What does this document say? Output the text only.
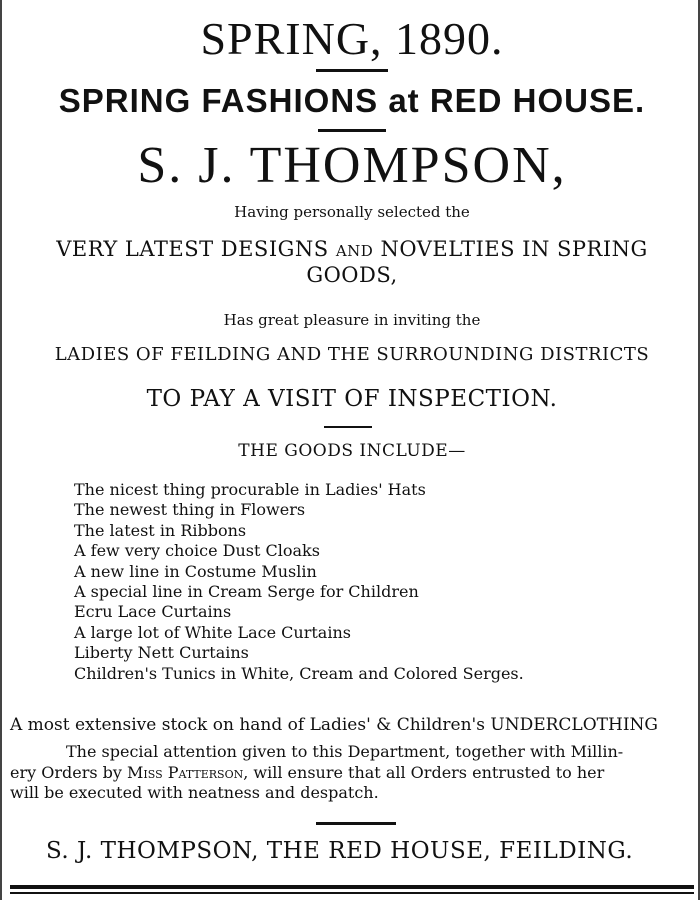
SPRING, 1890.
SPRING FASHIONS at RED HOUSE.
S. J. THOMPSON,
Having personally selected the
VERY LATEST DESIGNS and NOVELTIES IN SPRING
GOODS,
Has great pleasure in inviting the
LADIES OF FEILDING AND THE SURROUNDING DISTRICTS
TO PAY A VISIT OF INSPECTION.
THE GOODS INCLUDE—
The nicest thing procurable in Ladies' Hats
The newest thing in Flowers
The latest in Ribbons
A few very choice Dust Cloaks
A new line in Costume Muslin
A special line in Cream Serge for Children
Ecru Lace Curtains
A large lot of White Lace Curtains
Liberty Nett Curtains
Children's Tunics in White, Cream and Colored Serges.
A most extensive stock on hand of Ladies' & Children's UNDERCLOTHING
The special attention given to this Department, together with Millin-
ery Orders by Miss Patterson, will ensure that all Orders entrusted to her
will be executed with neatness and despatch.
S. J. THOMPSON, THE RED HOUSE, FEILDING.
